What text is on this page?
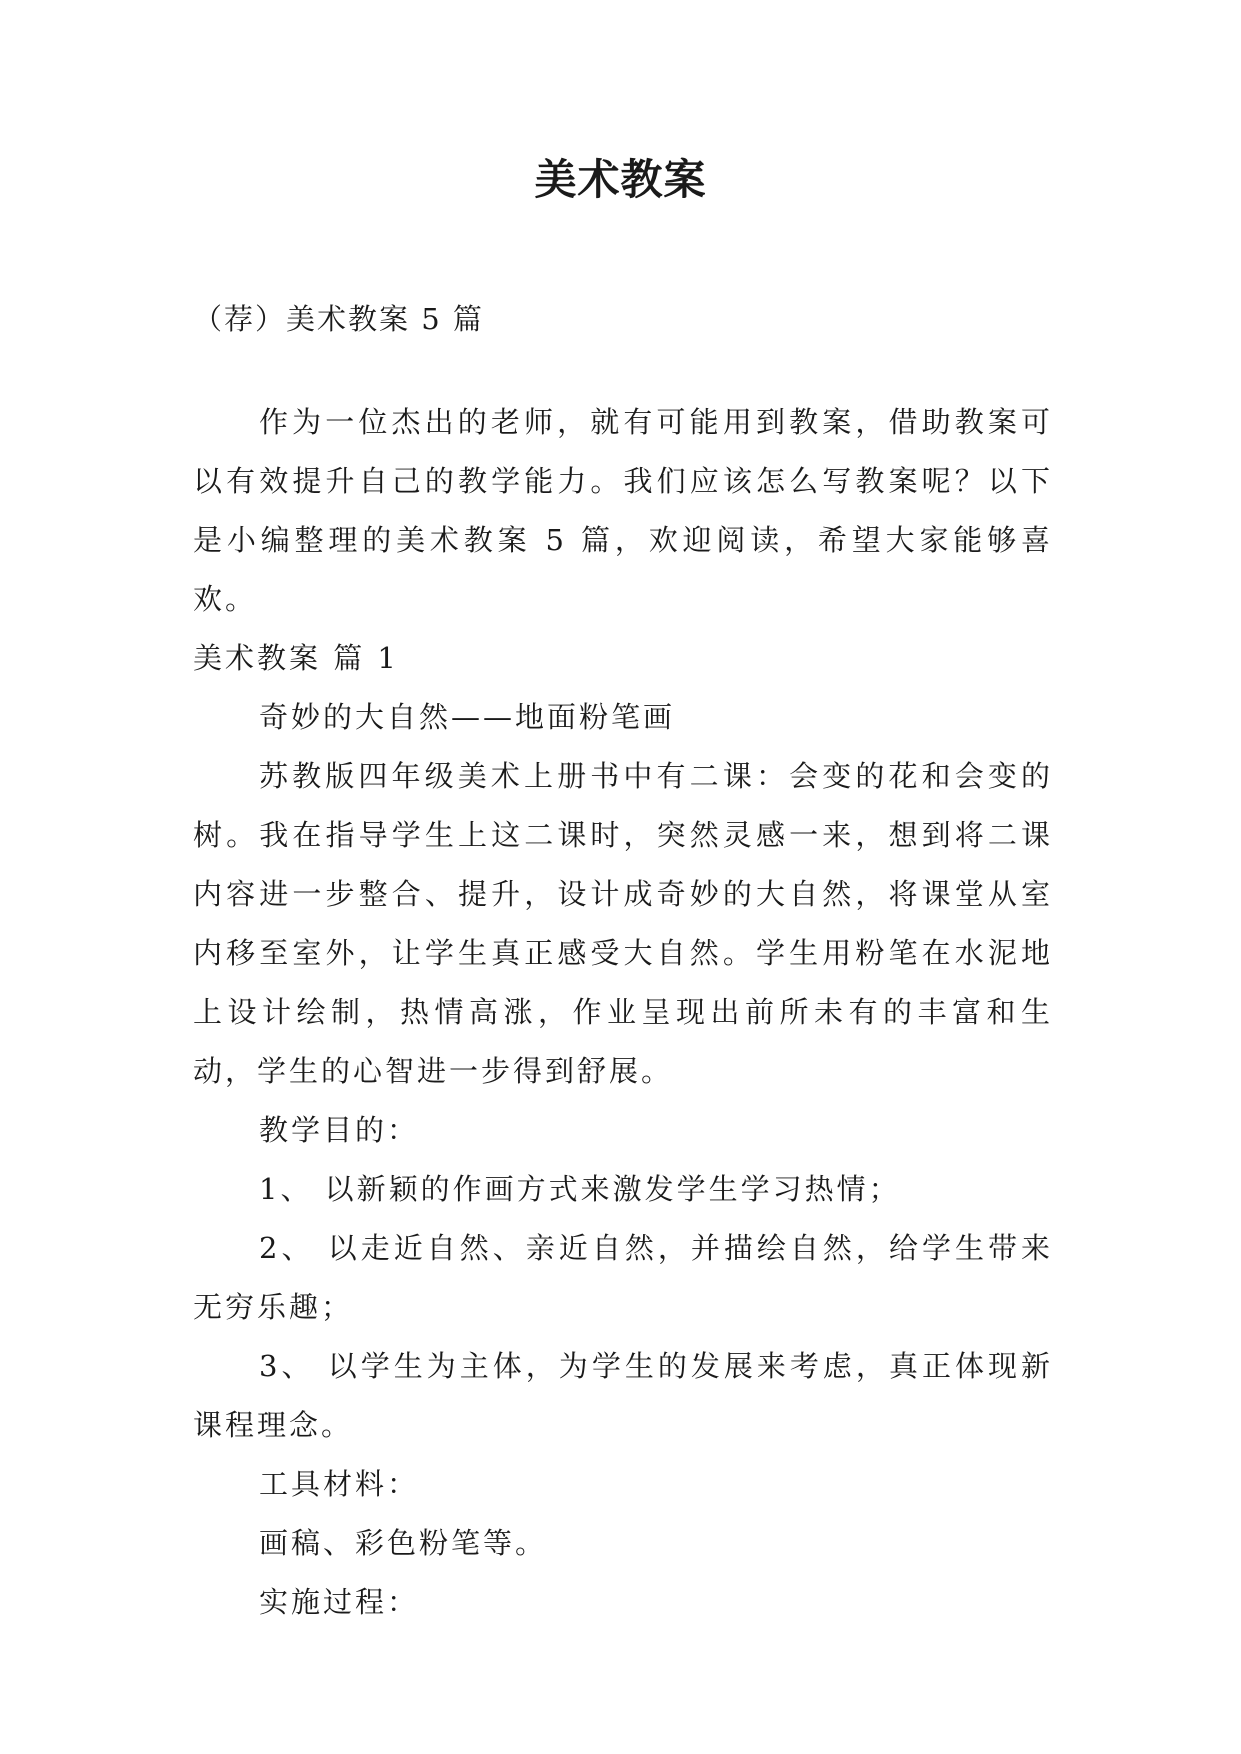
美术教案

（荐）美术教案 5 篇

作为一位杰出的老师，就有可能用到教案，借助教案可以有效提升自己的教学能力。我们应该怎么写教案呢？以下是小编整理的美术教案 5 篇，欢迎阅读，希望大家能够喜欢。

美术教案 篇 1

奇妙的大自然——地面粉笔画

苏教版四年级美术上册书中有二课：会变的花和会变的树。我在指导学生上这二课时，突然灵感一来，想到将二课内容进一步整合、提升，设计成奇妙的大自然，将课堂从室内移至室外，让学生真正感受大自然。学生用粉笔在水泥地上设计绘制，热情高涨，作业呈现出前所未有的丰富和生动，学生的心智进一步得到舒展。

教学目的：

1、 以新颖的作画方式来激发学生学习热情；

2、 以走近自然、亲近自然，并描绘自然，给学生带来无穷乐趣；

3、 以学生为主体，为学生的发展来考虑，真正体现新课程理念。

工具材料：

画稿、彩色粉笔等。

实施过程：
